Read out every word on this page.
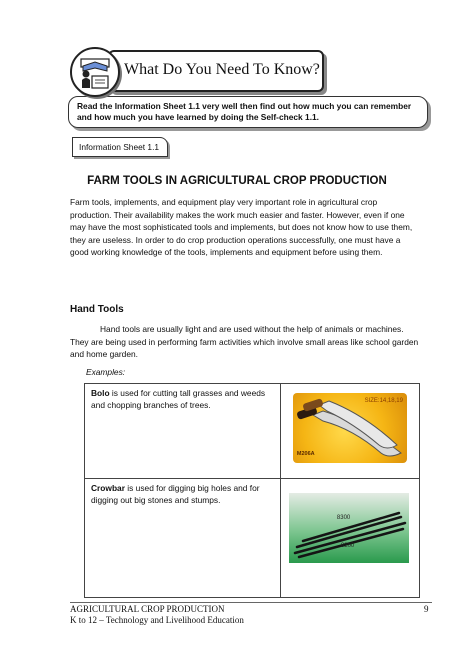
What Do You Need To Know?
Read the Information Sheet 1.1 very well then find out how much you can remember and how much you have learned by doing the Self-check 1.1.
Information Sheet 1.1
FARM TOOLS IN AGRICULTURAL CROP PRODUCTION

Farm tools, implements, and equipment play very important role in agricultural crop production. Their availability makes the work much easier and faster. However, even if one may have the most sophisticated tools and implements, but does not know how to use them, they are useless. In order to do crop production operations successfully, one must have a good working knowledge of the tools, implements and equipment before using them.

Hand Tools

Hand tools are usually light and are used without the help of animals or machines. They are being used in performing farm activities which involve small areas like school garden and home garden.

Examples:
Bolo is used for cutting tall grasses and weeds and chopping branches of trees.	SIZE:14,18,19
M206A

Crowbar is used for digging big holes and for digging out big stones and stumps.	8300
8200
AGRICULTURAL CROP PRODUCTION
K to 12 – Technology and Livelihood Education
9
